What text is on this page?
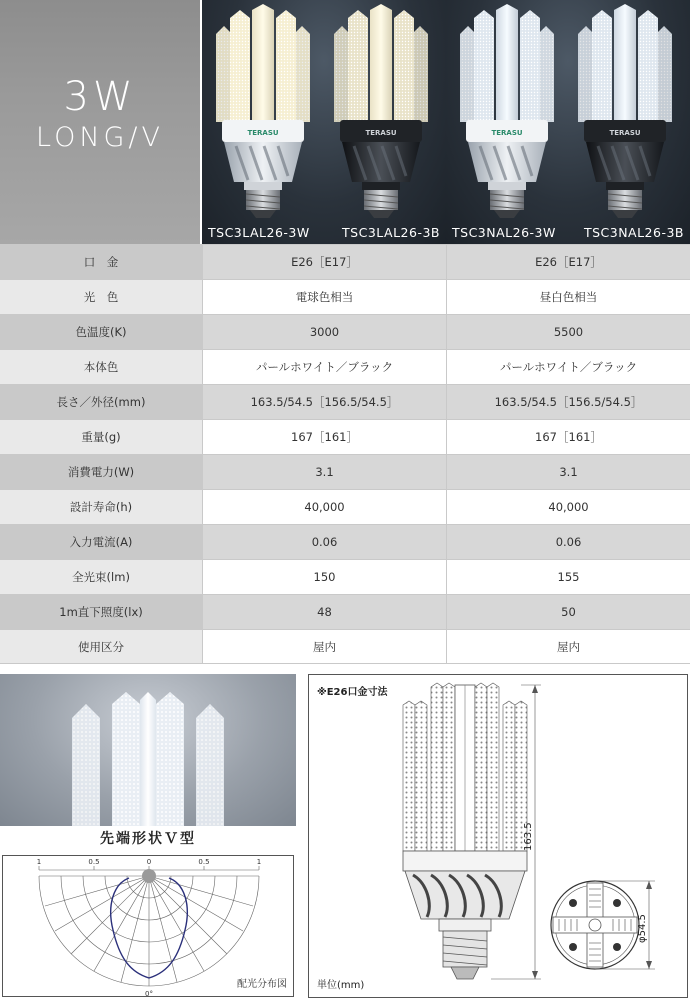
3W
LONG/V	TERASU	TERASU
TSC3LAL26-3W	TSC3LAL26-3B
TERASU	TERASU
TSC3NAL26-3W TSC3NAL26-3B
口　金	E26［E17］	E26［E17］
光　色	電球色相当	昼白色相当
色温度(K)	3000	5500
本体色	パールホワイト／ブラック	パールホワイト／ブラック
長さ／外径(mm)	163.5/54.5［156.5/54.5］	163.5/54.5［156.5/54.5］
重量(g)	167［161］	167［161］
消費電力(W)	3.1	3.1
設計寿命(h)	40,000	40,000
入力電流(A)	0.06	0.06
全光束(lm)	150	155
1m直下照度(lx)	48	50
使用区分	屋内	屋内
先端形状Ｖ型
1	0.5	0	0.5	1
0°
配光分布図
※E26口金寸法
163.5
φ54.5
単位(mm)
